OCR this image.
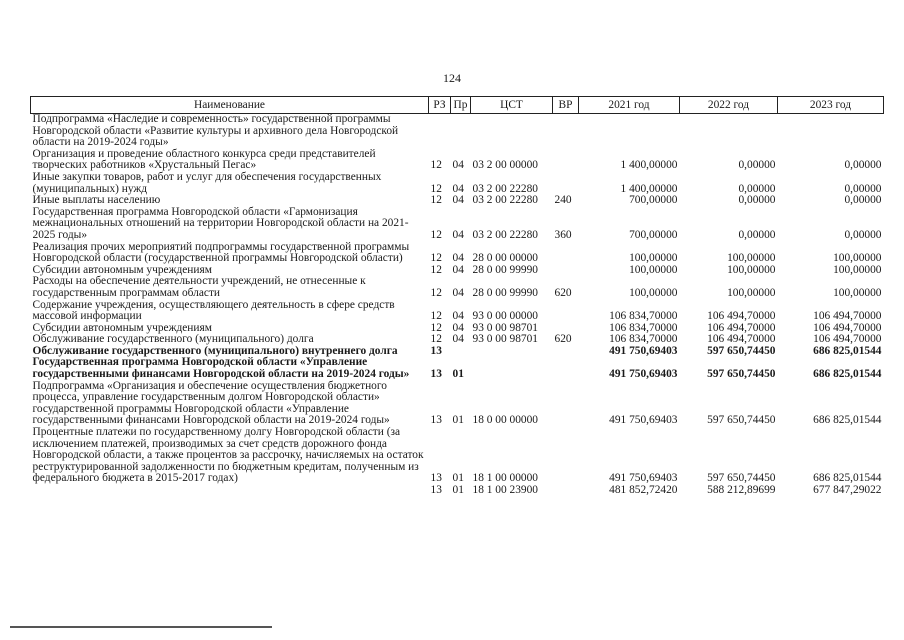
124
Наименование	РЗ	Пр	ЦСТ	ВР	2021 год	2022 год	2023 год
Подпрограмма «Наследие и современность» государственной программы Новгородской области «Развитие культуры и архивного дела Новгородской области на 2019-2024 годы»							
Организация и проведение областного конкурса среди представителей творческих работников «Хрустальный Пегас»	12	04	03 2 00 00000		1 400,00000	0,00000	0,00000
Иные закупки товаров, работ и услуг для обеспечения государственных (муниципальных) нужд	12	04	03 2 00 22280		1 400,00000	0,00000	0,00000
Иные выплаты населению	12	04	03 2 00 22280	240	700,00000	0,00000	0,00000
Государственная программа Новгородской области «Гармонизация межнациональных отношений на территории Новгородской области на 2021-2025 годы»	12	04	03 2 00 22280	360	700,00000	0,00000	0,00000
Реализация прочих мероприятий подпрограммы государственной программы Новгородской области (государственной программы Новгородской области)	12	04	28 0 00 00000		100,00000	100,00000	100,00000
Субсидии автономным учреждениям	12	04	28 0 00 99990		100,00000	100,00000	100,00000
Расходы на обеспечение деятельности учреждений, не отнесенные к государственным программам области	12	04	28 0 00 99990	620	100,00000	100,00000	100,00000
Содержание учреждения, осуществляющего деятельность в сфере средств массовой информации	12	04	93 0 00 00000		106 834,70000	106 494,70000	106 494,70000
Субсидии автономным учреждениям	12	04	93 0 00 98701		106 834,70000	106 494,70000	106 494,70000
Обслуживание государственного (муниципального) долга	12	04	93 0 00 98701	620	106 834,70000	106 494,70000	106 494,70000
Обслуживание государственного (муниципального) внутреннего долга	13				491 750,69403	597 650,74450	686 825,01544
Государственная программа Новгородской области «Управление государственными финансами Новгородской области на 2019-2024 годы»	13	01			491 750,69403	597 650,74450	686 825,01544
Подпрограмма «Организация и обеспечение осуществления бюджетного процесса, управление государственным долгом Новгородской области» государственной программы Новгородской области «Управление государственными финансами Новгородской области на 2019-2024 годы»	13	01	18 0 00 00000		491 750,69403	597 650,74450	686 825,01544
Процентные платежи по государственному долгу Новгородской области (за исключением платежей, производимых за счет средств дорожного фонда Новгородской области, а также процентов за рассрочку, начисляемых на остаток реструктурированной задолженности по бюджетным кредитам, полученным из федерального бюджета в 2015-2017 годах)	13	01	18 1 00 00000		491 750,69403	597 650,74450	686 825,01544
	13	01	18 1 00 23900		481 852,72420	588 212,89699	677 847,29022
